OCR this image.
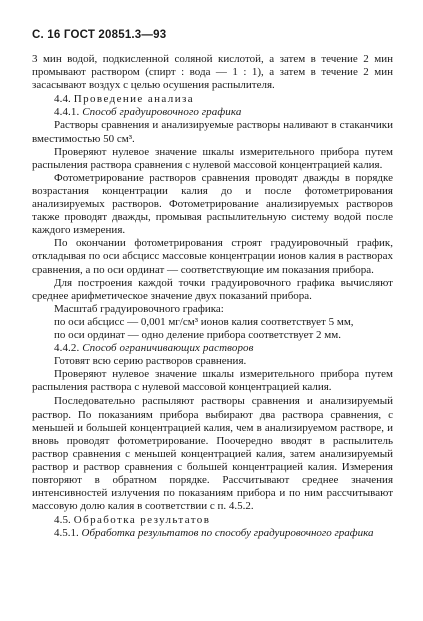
С. 16 ГОСТ 20851.3—93

3 мин водой, подкисленной соляной кислотой, а затем в течение 2 мин промывают раствором (спирт : вода — 1 : 1), а затем в течение 2 мин засасывают воздух с целью осушения распылителя.

4.4. Проведение анализа

4.4.1. Способ градуировочного графика

Растворы сравнения и анализируемые растворы наливают в стаканчики вместимостью 50 см³.

Проверяют нулевое значение шкалы измерительного прибора путем распыления раствора сравнения с нулевой массовой концентрацией калия.

Фотометрирование растворов сравнения проводят дважды в порядке возрастания концентрации калия до и после фотометрирования анализируемых растворов. Фотометрирование анализируемых растворов также проводят дважды, промывая распылительную систему водой после каждого измерения.

По окончании фотометрирования строят градуировочный график, откладывая по оси абсцисс массовые концентрации ионов калия в растворах сравнения, а по оси ординат — соответствующие им показания прибора.

Для построения каждой точки градуировочного графика вычисляют среднее арифметическое значение двух показаний прибора.

Масштаб градуировочного графика:

по оси абсцисс — 0,001 мг/см³ ионов калия соответствует 5 мм,

по оси ординат — одно деление прибора соответствует 2 мм.

4.4.2. Способ ограничивающих растворов

Готовят всю серию растворов сравнения.

Проверяют нулевое значение шкалы измерительного прибора путем распыления раствора с нулевой массовой концентрацией калия.

Последовательно распыляют растворы сравнения и анализируемый раствор. По показаниям прибора выбирают два раствора сравнения, с меньшей и большей концентрацией калия, чем в анализируемом растворе, и вновь проводят фотометрирование. Поочередно вводят в распылитель раствор сравнения с меньшей концентрацией калия, затем анализируемый раствор и раствор сравнения с большей концентрацией калия. Измерения повторяют в обратном порядке. Рассчитывают среднее значения интенсивностей излучения по показаниям прибора и по ним рассчитывают массовую долю калия в соответствии с п. 4.5.2.

4.5. Обработка результатов

4.5.1. Обработка результатов по способу градуировочного графика
